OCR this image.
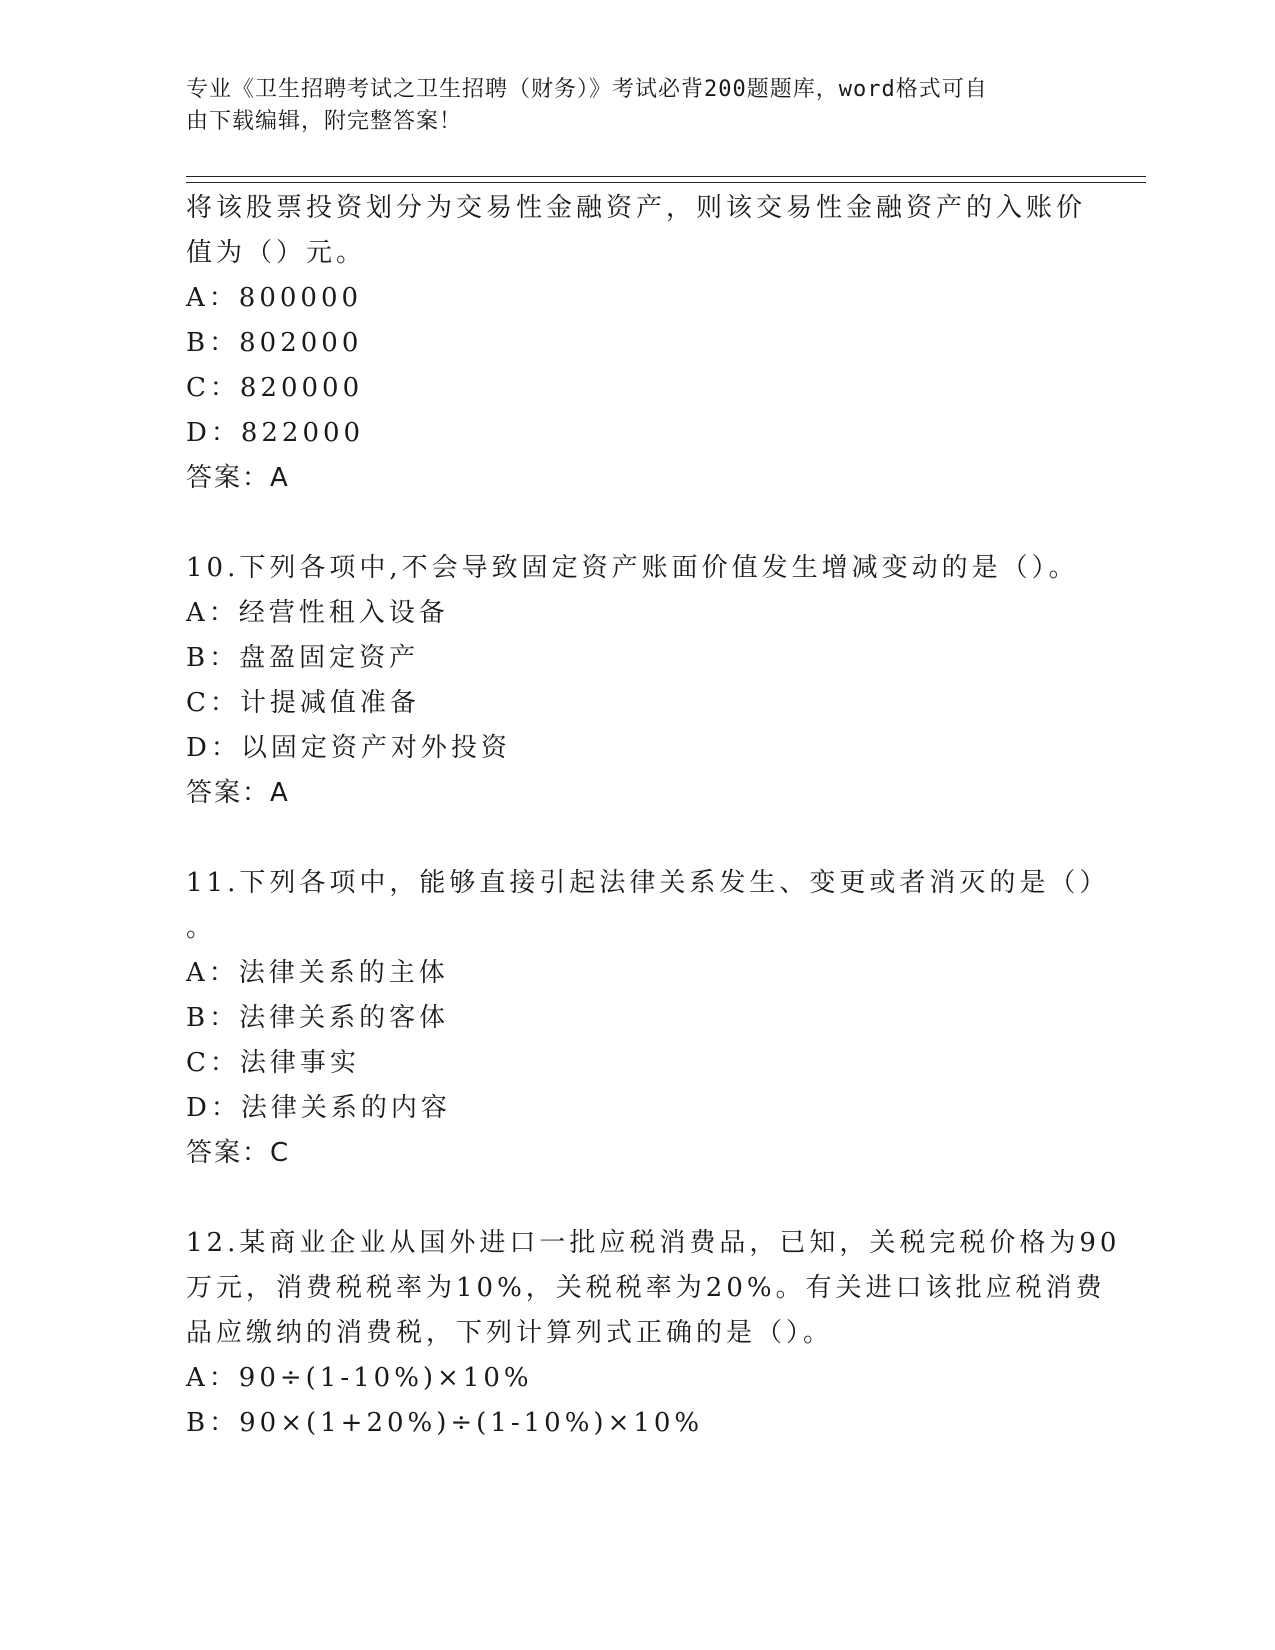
专业《卫生招聘考试之卫生招聘（财务）》考试必背200题题库，word格式可自
由下载编辑，附完整答案！
将该股票投资划分为交易性金融资产，则该交易性金融资产的入账价
值为（）元。
A：800000
B：802000
C：820000
D：822000
答案：A
10.下列各项中,不会导致固定资产账面价值发生增减变动的是（）。
A：经营性租入设备
B：盘盈固定资产
C：计提减值准备
D：以固定资产对外投资
答案：A
11.下列各项中，能够直接引起法律关系发生、变更或者消灭的是（）
。
A：法律关系的主体
B：法律关系的客体
C：法律事实
D：法律关系的内容
答案：C
12.某商业企业从国外进口一批应税消费品，已知，关税完税价格为90
万元，消费税税率为10%，关税税率为20%。有关进口该批应税消费
品应缴纳的消费税，下列计算列式正确的是（）。
A：90÷(1-10%)×10%
B：90×(1+20%)÷(1-10%)×10%
